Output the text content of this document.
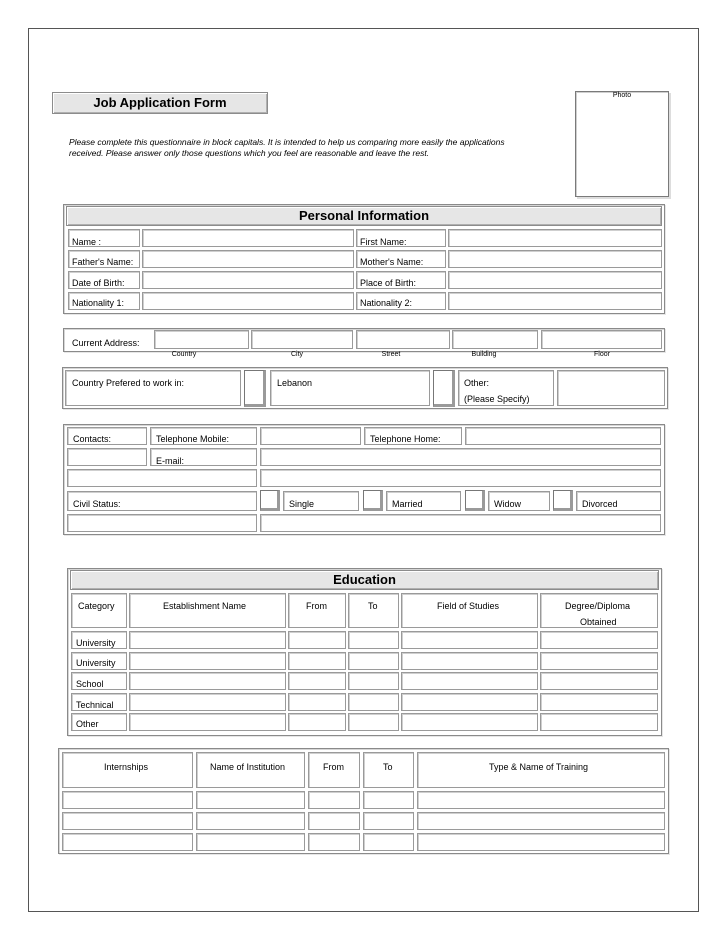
Job Application Form	Photo
Please complete this questionnaire in block capitals. It is intended to help us comparing more easily the applications
received. Please answer only those questions which you feel are reasonable and leave the rest.
Personal Information
Name :	First Name:
Father's Name:	Mother's Name:
Date of Birth:	Place of Birth:
Nationality 1:	Nationality 2:
Current Address:
Country	City	Street	Building	Floor
Country Prefered to work in:	Lebanon	Other:
(Please Specify)
Contacts:	Telephone Mobile:	Telephone Home:
E-mail:
Civil Status:	Single	Married	Widow	Divorced
Education
Category	Establishment Name	From	To	Field of Studies	Degree/Diploma
Obtained
University
University
School
Technical
Other
Internships	Name of Institution	From	To	Type & Name of Training
